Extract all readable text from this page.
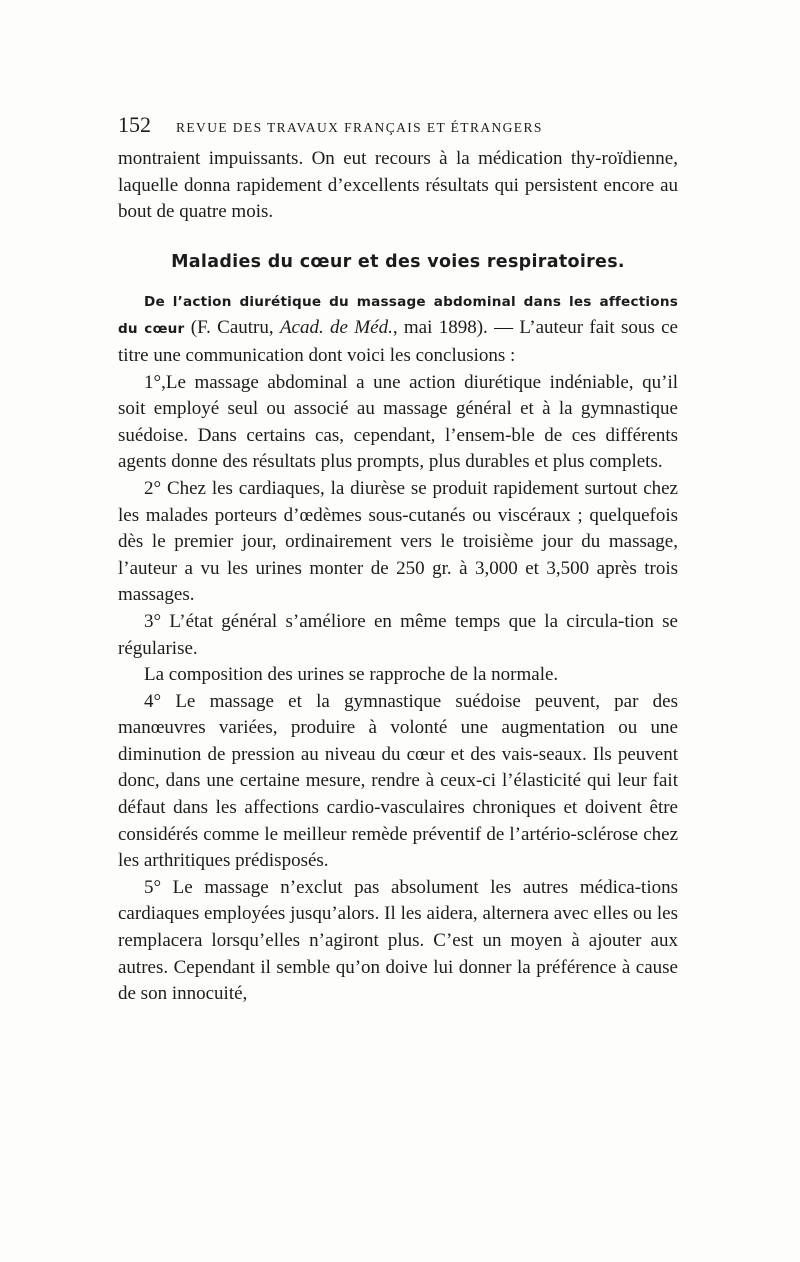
152	REVUE DES TRAVAUX FRANÇAIS ET ÉTRANGERS

montraient impuissants. On eut recours à la médication thy-roïdienne, laquelle donna rapidement d’excellents résultats qui persistent encore au bout de quatre mois.

Maladies du cœur et des voies respiratoires.

De l’action diurétique du massage abdominal dans les affections du cœur (F. Cautru, Acad. de Méd., mai 1898). — L’auteur fait sous ce titre une communication dont voici les conclusions :

1°,Le massage abdominal a une action diurétique indéniable, qu’il soit employé seul ou associé au massage général et à la gymnastique suédoise. Dans certains cas, cependant, l’ensem-ble de ces différents agents donne des résultats plus prompts, plus durables et plus complets.

2° Chez les cardiaques, la diurèse se produit rapidement surtout chez les malades porteurs d’œdèmes sous-cutanés ou viscéraux ; quelquefois dès le premier jour, ordinairement vers le troisième jour du massage, l’auteur a vu les urines monter de 250 gr. à 3,000 et 3,500 après trois massages.

3° L’état général s’améliore en même temps que la circula-tion se régularise.

La composition des urines se rapproche de la normale.

4° Le massage et la gymnastique suédoise peuvent, par des manœuvres variées, produire à volonté une augmentation ou une diminution de pression au niveau du cœur et des vais-seaux. Ils peuvent donc, dans une certaine mesure, rendre à ceux-ci l’élasticité qui leur fait défaut dans les affections cardio-vasculaires chroniques et doivent être considérés comme le meilleur remède préventif de l’artério-sclérose chez les arthritiques prédisposés.

5° Le massage n’exclut pas absolument les autres médica-tions cardiaques employées jusqu’alors. Il les aidera, alternera avec elles ou les remplacera lorsqu’elles n’agiront plus. C’est un moyen à ajouter aux autres. Cependant il semble qu’on doive lui donner la préférence à cause de son innocuité,
